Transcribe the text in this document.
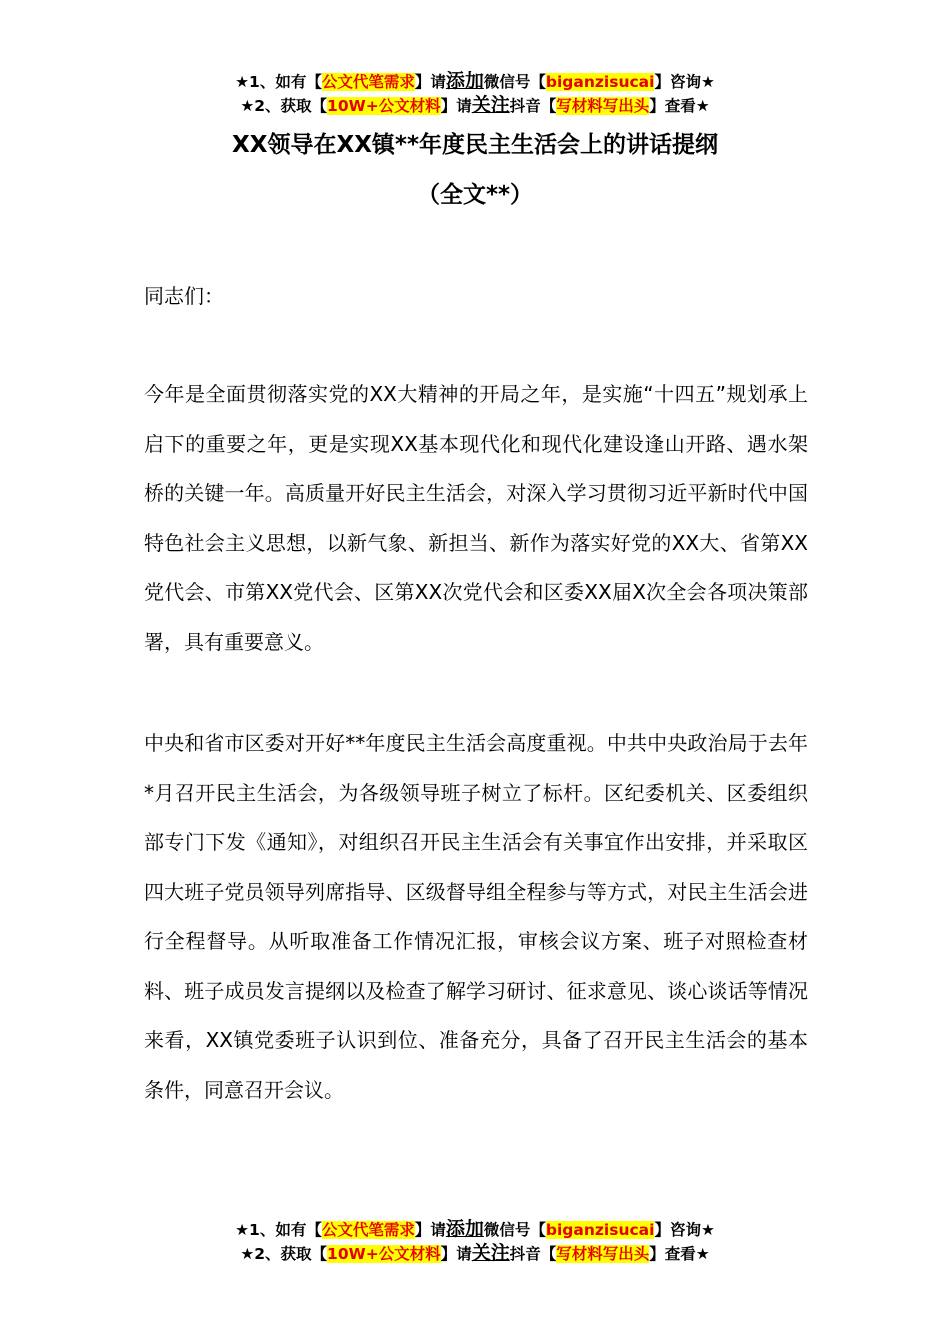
★1、如有【公文代笔需求】请添加微信号【biganzisucai】咨询★
★2、获取【10W+公文材料】请关注抖音【写材料写出头】查看★
XX领导在XX镇**年度民主生活会上的讲话提纲
（全文**）

同志们：

今年是全面贯彻落实党的XX大精神的开局之年，是实施“十四五”规划承上启下的重要之年，更是实现XX基本现代化和现代化建设逢山开路、遇水架桥的关键一年。高质量开好民主生活会，对深入学习贯彻习近平新时代中国特色社会主义思想，以新气象、新担当、新作为落实好党的XX大、省第XX党代会、市第XX党代会、区第XX次党代会和区委XX届X次全会各项决策部署，具有重要意义。

中央和省市区委对开好**年度民主生活会高度重视。中共中央政治局于去年*月召开民主生活会，为各级领导班子树立了标杆。区纪委机关、区委组织部专门下发《通知》，对组织召开民主生活会有关事宜作出安排，并采取区四大班子党员领导列席指导、区级督导组全程参与等方式，对民主生活会进行全程督导。从听取准备工作情况汇报，审核会议方案、班子对照检查材料、班子成员发言提纲以及检查了解学习研讨、征求意见、谈心谈话等情况来看，XX镇党委班子认识到位、准备充分，具备了召开民主生活会的基本条件，同意召开会议。

★1、如有【公文代笔需求】请添加微信号【biganzisucai】咨询★
★2、获取【10W+公文材料】请关注抖音【写材料写出头】查看★
